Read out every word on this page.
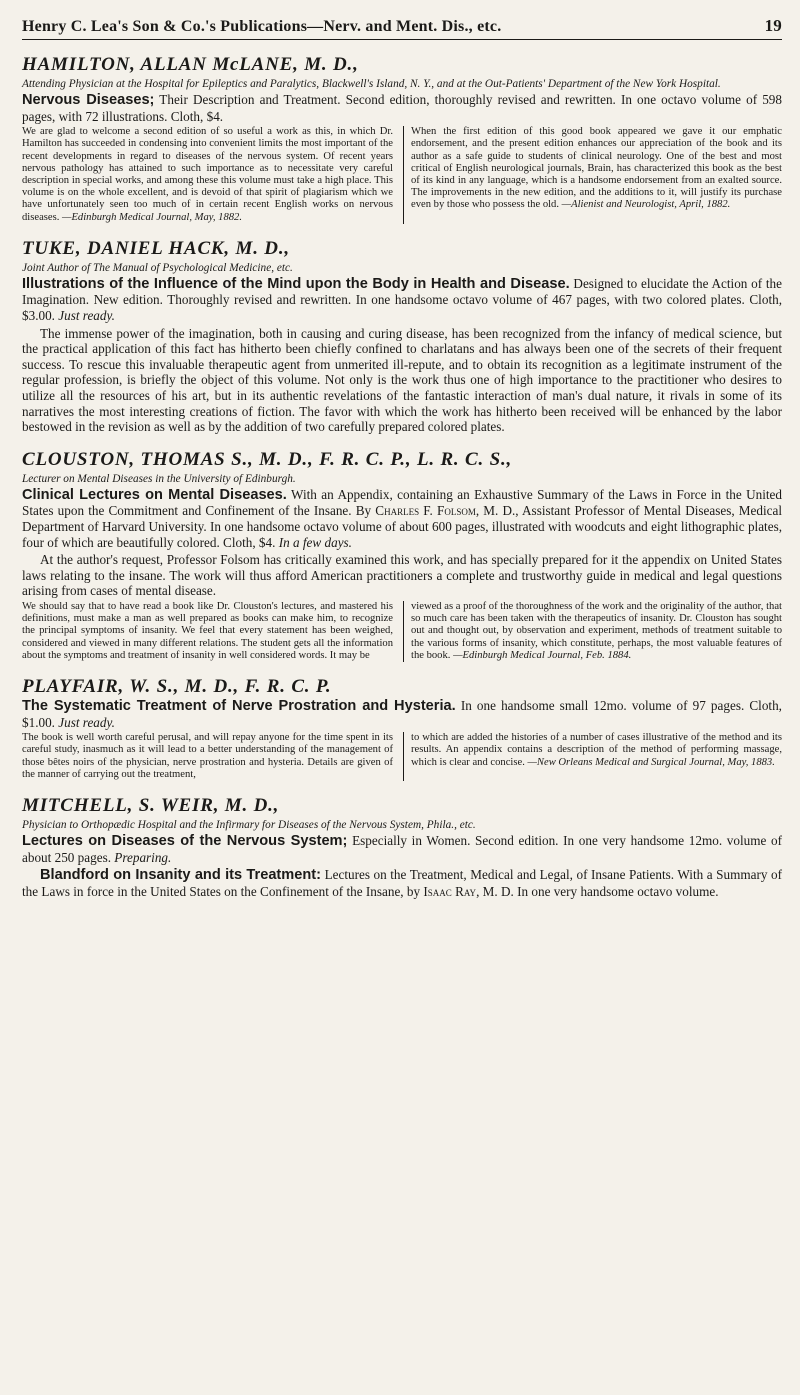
Henry C. Lea's Son & Co.'s Publications—Nerv. and Ment. Dis., etc.	19

HAMILTON, ALLAN McLANE, M. D.,

Attending Physician at the Hospital for Epileptics and Paralytics, Blackwell's Island, N. Y., and at the Out-Patients' Department of the New York Hospital.

Nervous Diseases; Their Description and Treatment. Second edition, thoroughly revised and rewritten. In one octavo volume of 598 pages, with 72 illustrations. Cloth, $4.

We are glad to welcome a second edition of so useful a work as this, in which Dr. Hamilton has succeeded in condensing into convenient limits the most important of the recent developments in regard to diseases of the nervous system. Of recent years nervous pathology has attained to such importance as to necessitate very careful description in special works, and among these this volume must take a high place. This volume is on the whole excellent, and is devoid of that spirit of plagiarism which we have unfortunately seen too much of in certain recent English works on nervous diseases. —Edinburgh Medical Journal, May, 1882.
When the first edition of this good book appeared we gave it our emphatic endorsement, and the present edition enhances our appreciation of the book and its author as a safe guide to students of clinical neurology. One of the best and most critical of English neurological journals, Brain, has characterized this book as the best of its kind in any language, which is a handsome endorsement from an exalted source. The improvements in the new edition, and the additions to it, will justify its purchase even by those who possess the old. —Alienist and Neurologist, April, 1882.

TUKE, DANIEL HACK, M. D.,

Joint Author of The Manual of Psychological Medicine, etc.

Illustrations of the Influence of the Mind upon the Body in Health and Disease. Designed to elucidate the Action of the Imagination. New edition. Thoroughly revised and rewritten. In one handsome octavo volume of 467 pages, with two colored plates. Cloth, $3.00. Just ready.

The immense power of the imagination, both in causing and curing disease, has been recognized from the infancy of medical science, but the practical application of this fact has hitherto been chiefly confined to charlatans and has always been one of the secrets of their frequent success. To rescue this invaluable therapeutic agent from unmerited ill-repute, and to obtain its recognition as a legitimate instrument of the regular profession, is briefly the object of this volume. Not only is the work thus one of high importance to the practitioner who desires to utilize all the resources of his art, but in its authentic revelations of the fantastic interaction of man's dual nature, it rivals in some of its narratives the most interesting creations of fiction. The favor with which the work has hitherto been received will be enhanced by the labor bestowed in the revision as well as by the addition of two carefully prepared colored plates.

CLOUSTON, THOMAS S., M. D., F. R. C. P., L. R. C. S.,

Lecturer on Mental Diseases in the University of Edinburgh.

Clinical Lectures on Mental Diseases. With an Appendix, containing an Exhaustive Summary of the Laws in Force in the United States upon the Commitment and Confinement of the Insane. By Charles F. Folsom, M. D., Assistant Professor of Mental Diseases, Medical Department of Harvard University. In one handsome octavo volume of about 600 pages, illustrated with woodcuts and eight lithographic plates, four of which are beautifully colored. Cloth, $4. In a few days.

At the author's request, Professor Folsom has critically examined this work, and has specially prepared for it the appendix on United States laws relating to the insane. The work will thus afford American practitioners a complete and trustworthy guide in medical and legal questions arising from cases of mental disease.

We should say that to have read a book like Dr. Clouston's lectures, and mastered his definitions, must make a man as well prepared as books can make him, to recognize the principal symptoms of insanity. We feel that every statement has been weighed, considered and viewed in many different relations. The student gets all the information about the symptoms and treatment of insanity in well considered words. It may be
viewed as a proof of the thoroughness of the work and the originality of the author, that so much care has been taken with the therapeutics of insanity. Dr. Clouston has sought out and thought out, by observation and experiment, methods of treatment suitable to the various forms of insanity, which constitute, perhaps, the most valuable features of the book. —Edinburgh Medical Journal, Feb. 1884.

PLAYFAIR, W. S., M. D., F. R. C. P.

The Systematic Treatment of Nerve Prostration and Hysteria. In one handsome small 12mo. volume of 97 pages. Cloth, $1.00. Just ready.

The book is well worth careful perusal, and will repay anyone for the time spent in its careful study, inasmuch as it will lead to a better understanding of the management of those bêtes noirs of the physician, nerve prostration and hysteria. Details are given of the manner of carrying out the treatment,
to which are added the histories of a number of cases illustrative of the method and its results. An appendix contains a description of the method of performing massage, which is clear and concise. —New Orleans Medical and Surgical Journal, May, 1883.

MITCHELL, S. WEIR, M. D.,

Physician to Orthopædic Hospital and the Infirmary for Diseases of the Nervous System, Phila., etc.

Lectures on Diseases of the Nervous System; Especially in Women. Second edition. In one very handsome 12mo. volume of about 250 pages. Preparing.

Blandford on Insanity and its Treatment: Lectures on the Treatment, Medical and Legal, of Insane Patients. With a Summary of the Laws in force in the United States on the Confinement of the Insane, by Isaac Ray, M. D. In one very handsome octavo volume.
